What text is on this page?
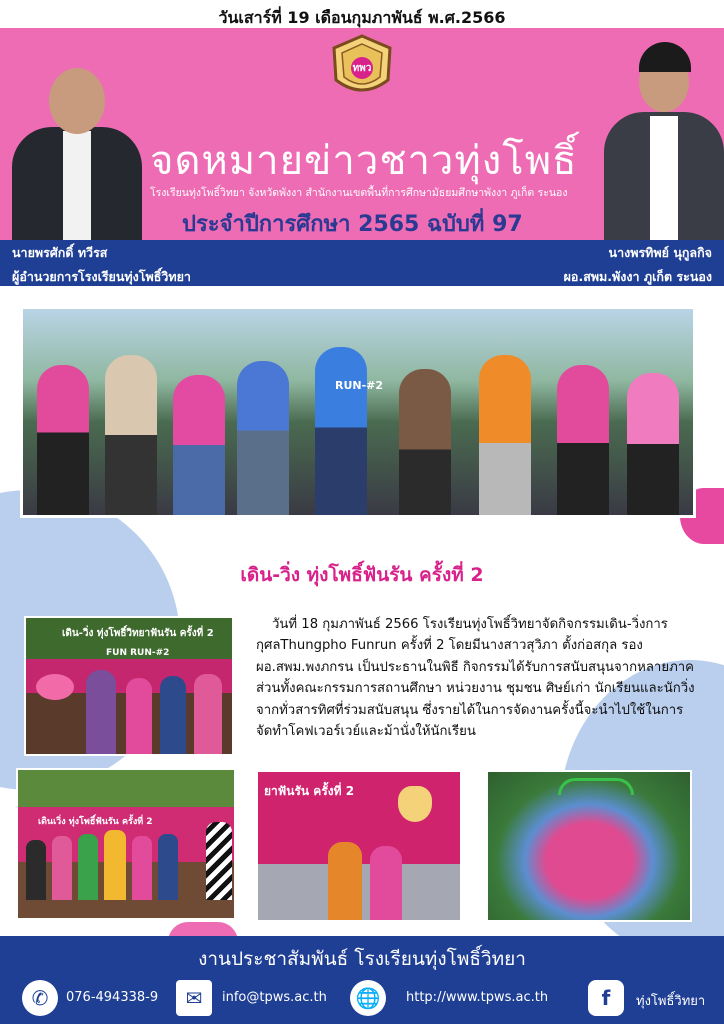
วันเสาร์ที่ 19 เดือนกุมภาพันธ์ พ.ศ.2566
ทพว
จดหมายข่าวชาวทุ่งโพธิ์
โรงเรียนทุ่งโพธิ์วิทยา จังหวัดพังงา สำนักงานเขตพื้นที่การศึกษามัธยมศึกษาพังงา ภูเก็ต ระนอง
ประจำปีการศึกษา 2565 ฉบับที่ 97
นายพรศักดิ์ ทวีรส
ผู้อำนวยการโรงเรียนทุ่งโพธิ์วิทยา
นางพรทิพย์ นุกูลกิจ
ผอ.สพม.พังงา ภูเก็ต ระนอง
RUN-#2
เดิน-วิ่ง ทุ่งโพธิ์ฟันรัน ครั้งที่ 2
เดิน-วิ่ง ทุ่งโพธิ์วิทยาฟันรัน ครั้งที่ 2
FUN RUN-#2
วันที่ 18 กุมภาพันธ์ 2566 โรงเรียนทุ่งโพธิ์วิทยาจัดกิจกรรมเดิน-วิ่งการกุศลThungpho Funrun ครั้งที่ 2 โดยมีนางสาวสุวิภา ตั้งก่อสกุล รอง ผอ.สพม.พงภกรน เป็นประธานในพิธี กิจกรรมได้รับการสนับสนุนจากหลายภาคส่วนทั้งคณะกรรมการสถานศึกษา หน่วยงาน ชุมชน ศิษย์เก่า นักเรียนและนักวิ่งจากทั่วสารทิศที่ร่วมสนับสนุน ซึ่งรายได้ในการจัดงานครั้งนี้จะนำไปใช้ในการจัดทำโคฟเวอร์เวย์และม้านั่งให้นักเรียน
เดินเวิ่ง ทุ่งโพธิ์ฟันรัน ครั้งที่ 2
ยาฟันรัน ครั้งที่ 2
งานประชาสัมพันธ์ โรงเรียนทุ่งโพธิ์วิทยา
✆	076-494338-9	✉	info@tpws.ac.th 🌐	http://www.tpws.ac.th	f	ทุ่งโพธิ์วิทยา
